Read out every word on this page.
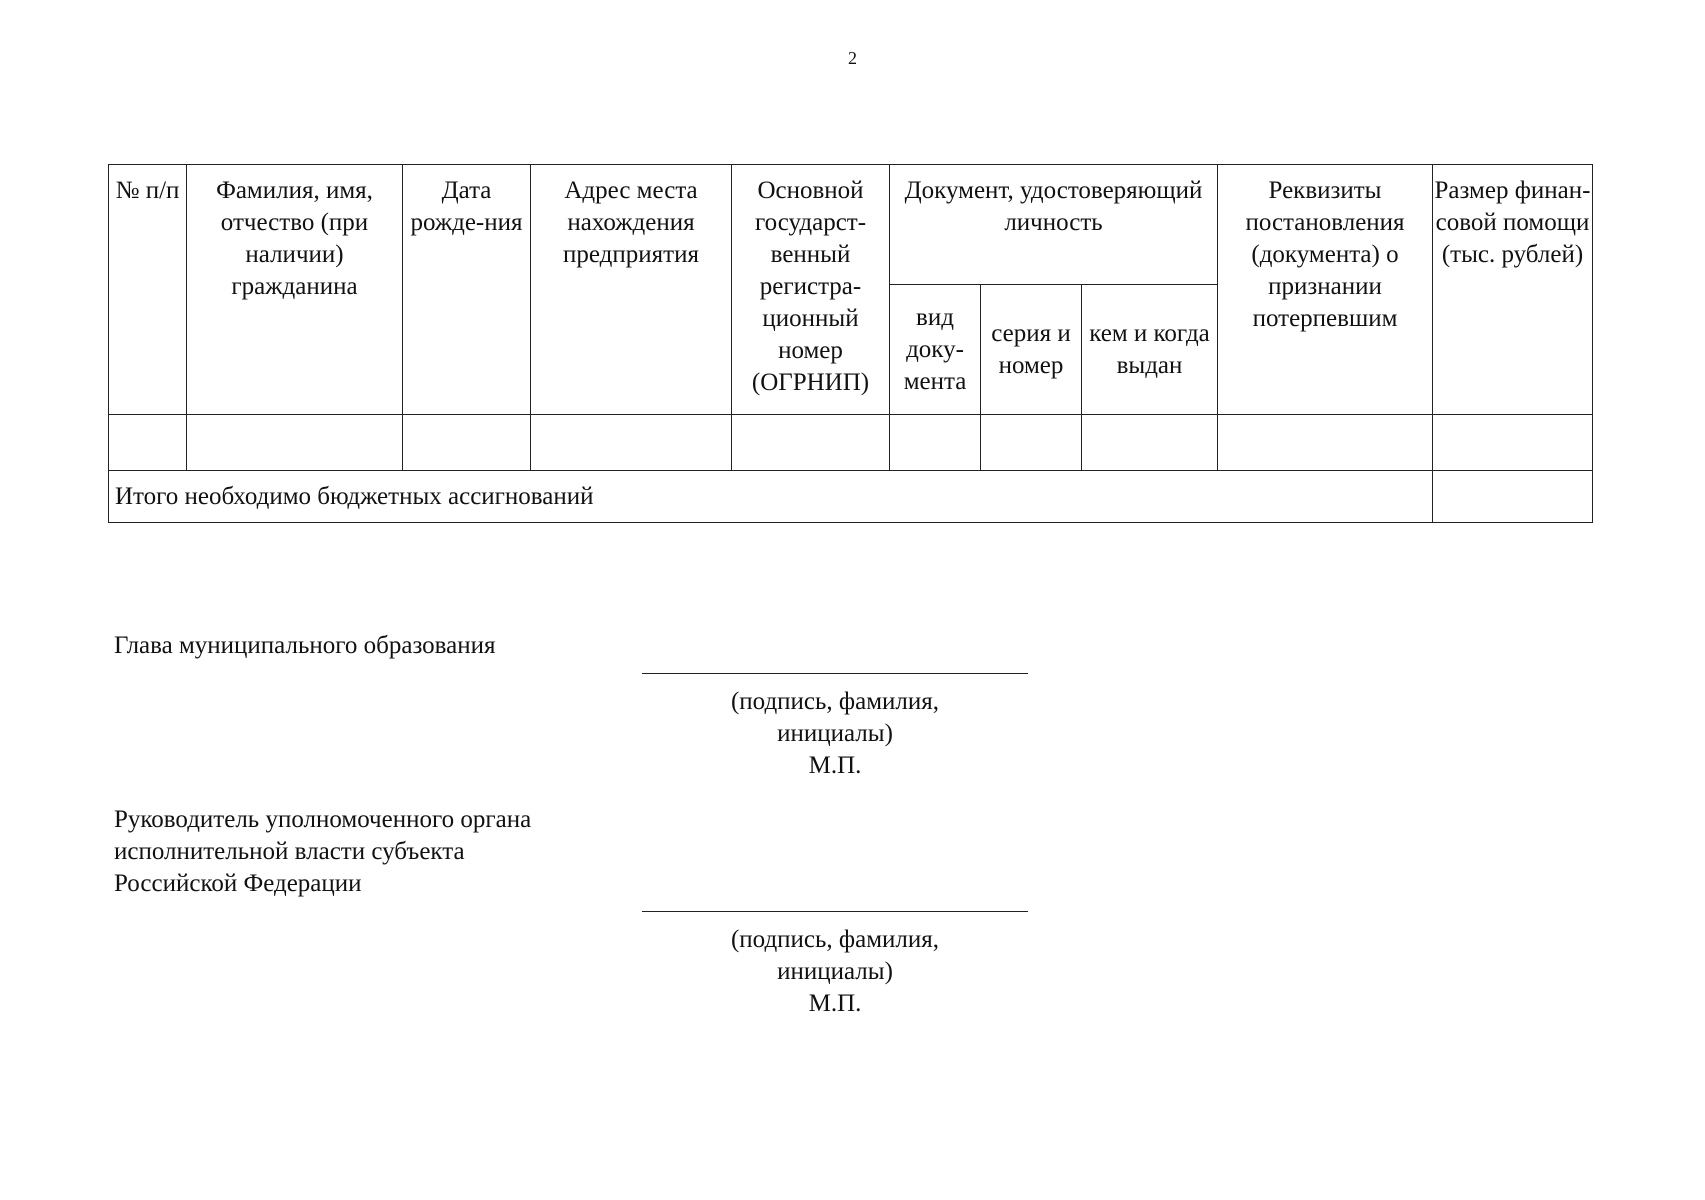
2
№ п/п	Фамилия, имя, отчество (при наличии) гражданина	Дата рожде-ния	Адрес места нахождения предприятия	Основной государст-венный регистра-ционный номер (ОГРНИП)	Документ, удостоверяющий личность			Реквизиты постановления (документа) о признании потерпевшим	Размер финан-совой помощи (тыс. рублей)
					вид доку-мента	серия и номер	кем и когда выдан		

Итого необходимо бюджетных ассигнований									
Глава муниципального образования
(подпись, фамилия,
инициалы)
М.П.
Руководитель уполномоченного органа
исполнительной власти субъекта
Российской Федерации
(подпись, фамилия,
инициалы)
М.П.
